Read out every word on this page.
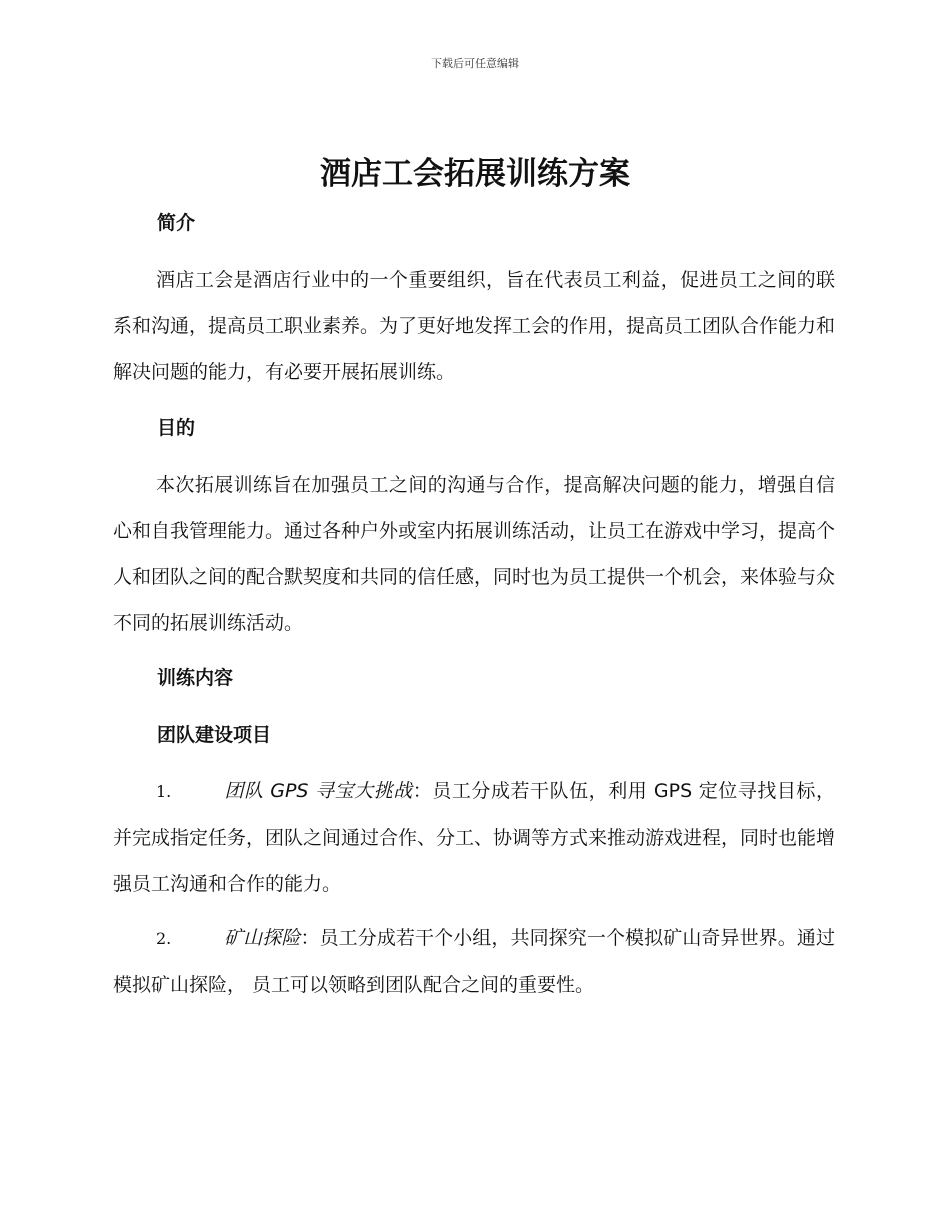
下载后可任意编辑
酒店工会拓展训练方案
简介

酒店工会是酒店行业中的一个重要组织，旨在代表员工利益，促进员工之间的联系和沟通，提高员工职业素养。为了更好地发挥工会的作用，提高员工团队合作能力和解决问题的能力，有必要开展拓展训练。

目的

本次拓展训练旨在加强员工之间的沟通与合作，提高解决问题的能力，增强自信心和自我管理能力。通过各种户外或室内拓展训练活动，让员工在游戏中学习，提高个人和团队之间的配合默契度和共同的信任感，同时也为员工提供一个机会，来体验与众不同的拓展训练活动。

训练内容
团队建设项目

1.	团队 GPS 寻宝大挑战：员工分成若干队伍，利用 GPS 定位寻找目标，并完成指定任务，团队之间通过合作、分工、协调等方式来推动游戏进程，同时也能增强员工沟通和合作的能力。

2.	矿山探险：员工分成若干个小组，共同探究一个模拟矿山奇异世界。通过模拟矿山探险， 员工可以领略到团队配合之间的重要性。
